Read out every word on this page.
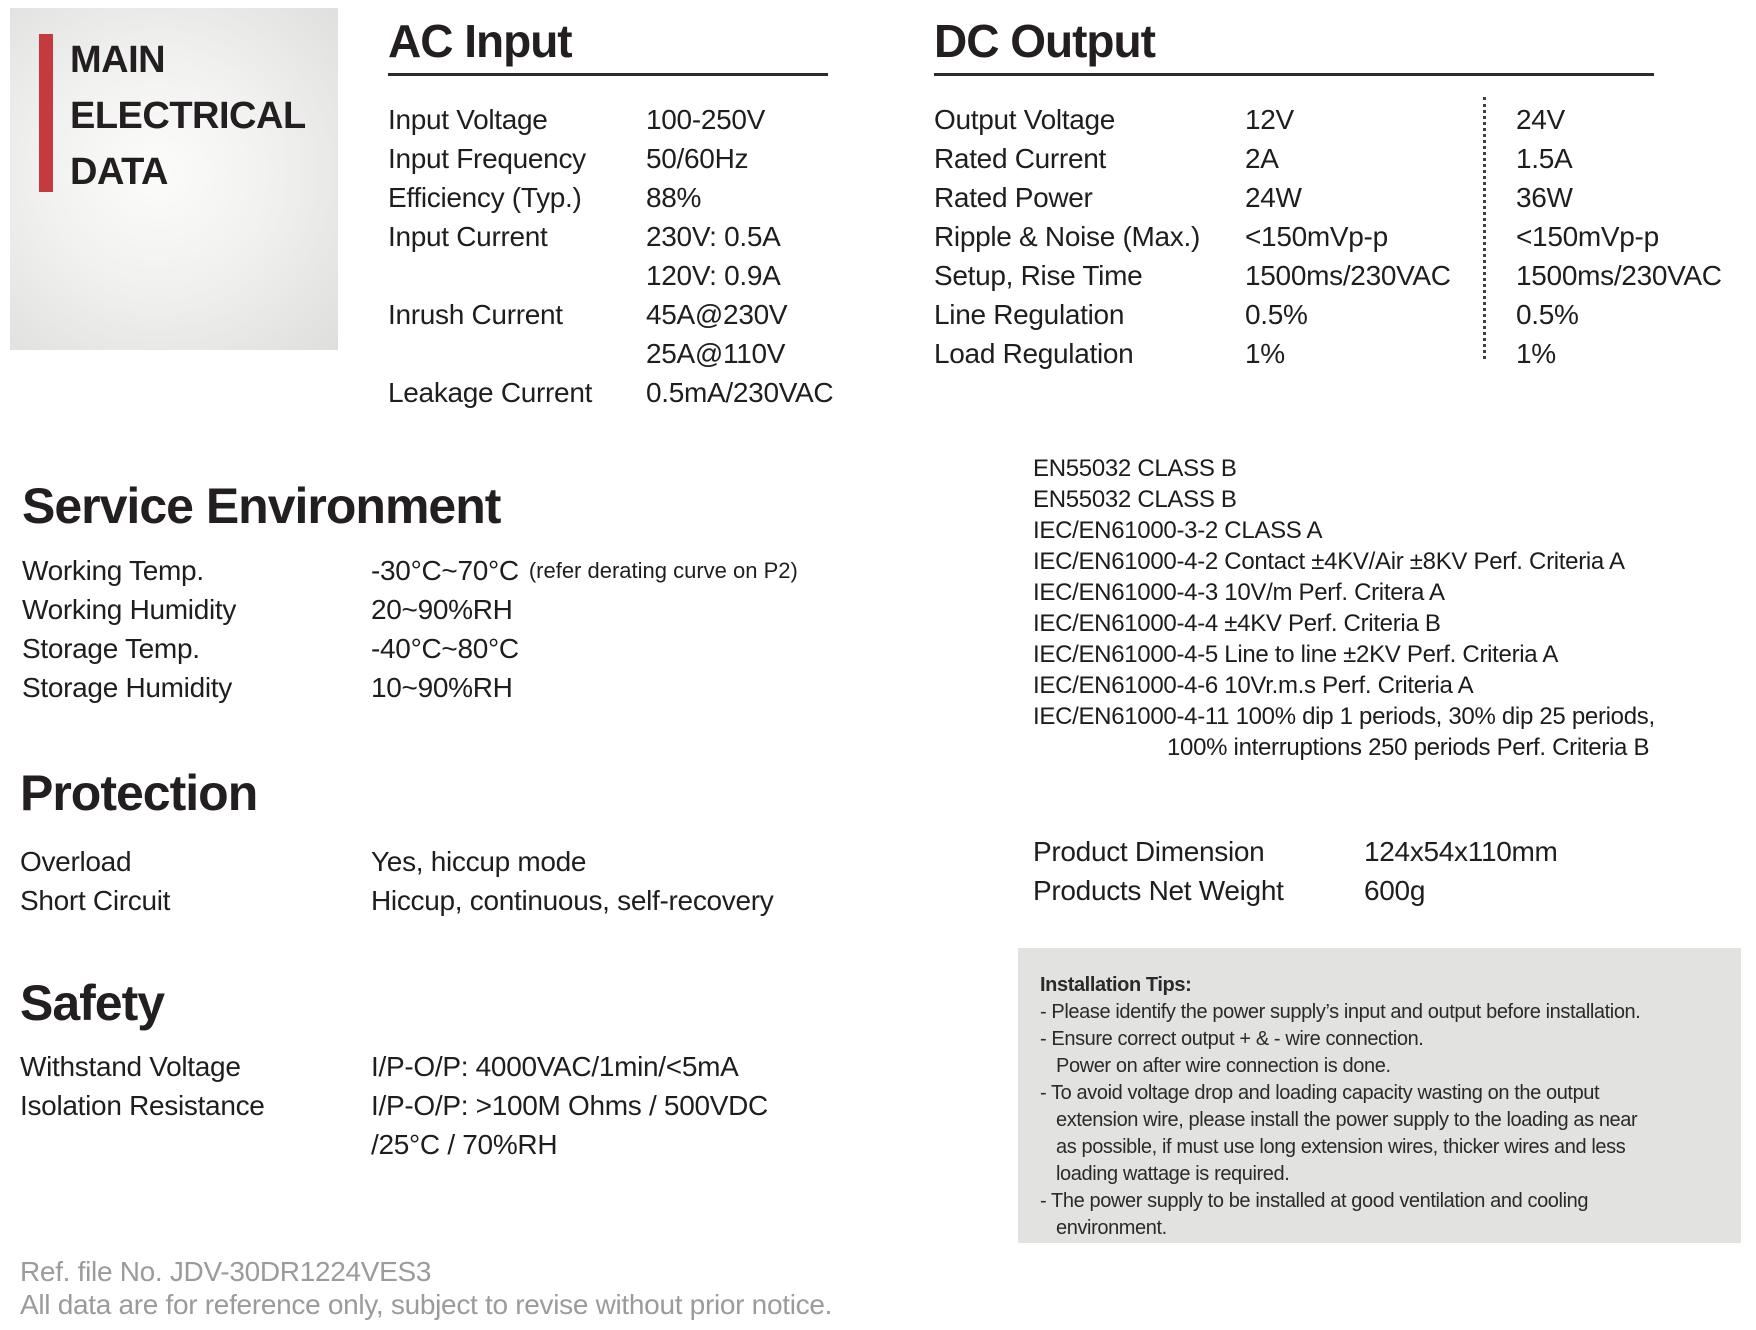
MAIN
ELECTRICAL
DATA
AC Input
Input Voltage	100-250V
Input Frequency	50/60Hz
Efficiency (Typ.)	88%
Input Current	230V: 0.5A
120V: 0.9A
Inrush Current	45A@230V
25A@110V
Leakage Current	0.5mA/230VAC
DC Output
Output Voltage	12V	24V
Rated Current	2A	1.5A
Rated Power	24W	36W
Ripple & Noise (Max.)	<150mVp-p	<150mVp-p
Setup, Rise Time	1500ms/230VAC	1500ms/230VAC
Line Regulation	0.5%	0.5%
Load Regulation	1%	1%
Service Environment
Working Temp.	-30°C~70°C (refer derating curve on P2)
Working Humidity	20~90%RH
Storage Temp.	-40°C~80°C
Storage Humidity	10~90%RH
EN55032 CLASS B
EN55032 CLASS B
IEC/EN61000-3-2 CLASS A
IEC/EN61000-4-2 Contact ±4KV/Air ±8KV Perf. Criteria A
IEC/EN61000-4-3 10V/m Perf. Critera A
IEC/EN61000-4-4 ±4KV Perf. Criteria B
IEC/EN61000-4-5 Line to line ±2KV Perf. Criteria A
IEC/EN61000-4-6 10Vr.m.s Perf. Criteria A
IEC/EN61000-4-11 100% dip 1 periods, 30% dip 25 periods,
100% interruptions 250 periods Perf. Criteria B
Protection
Overload	Yes, hiccup mode
Short Circuit	Hiccup, continuous, self-recovery
Product Dimension	124x54x110mm
Products Net Weight	600g
Safety
Withstand Voltage	I/P-O/P: 4000VAC/1min/<5mA
Isolation Resistance	I/P-O/P: >100M Ohms / 500VDC
/25°C / 70%RH
Installation Tips:
- Please identify the power supply’s input and output before installation.
- Ensure correct output + & - wire connection.
Power on after wire connection is done.
- To avoid voltage drop and loading capacity wasting on the output
extension wire, please install the power supply to the loading as near
as possible, if must use long extension wires, thicker wires and less
loading wattage is required.
- The power supply to be installed at good ventilation and cooling
environment.
Ref. file No. JDV-30DR1224VES3
All data are for reference only, subject to revise without prior notice.
